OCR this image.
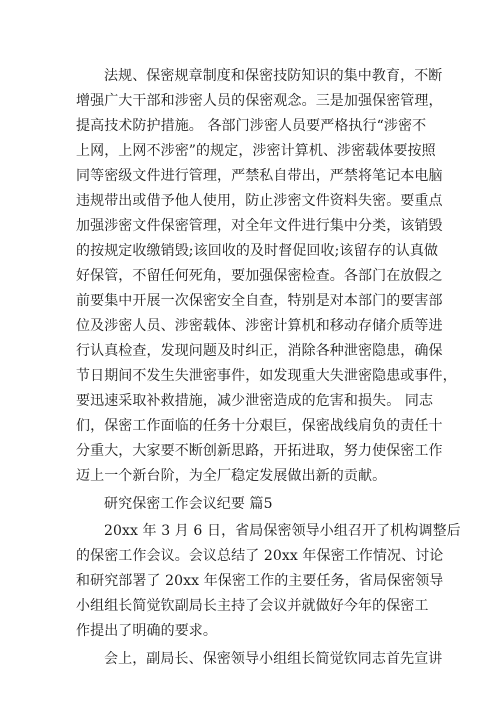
法规、保密规章制度和保密技防知识的集中教育，不断
增强广大干部和涉密人员的保密观念。三是加强保密管理，
提高技术防护措施。 各部门涉密人员要严格执行“涉密不
上网，上网不涉密”的规定，涉密计算机、涉密载体要按照
同等密级文件进行管理，严禁私自带出，严禁将笔记本电脑
违规带出或借予他人使用，防止涉密文件资料失密。要重点
加强涉密文件保密管理，对全年文件进行集中分类，该销毁
的按规定收缴销毁;该回收的及时督促回收;该留存的认真做
好保管，不留任何死角，要加强保密检查。各部门在放假之
前要集中开展一次保密安全自查，特别是对本部门的要害部
位及涉密人员、涉密载体、涉密计算机和移动存储介质等进
行认真检查，发现问题及时纠正，消除各种泄密隐患，确保
节日期间不发生失泄密事件，如发现重大失泄密隐患或事件，
要迅速采取补救措施，减少泄密造成的危害和损失。 同志
们，保密工作面临的任务十分艰巨，保密战线肩负的责任十
分重大，大家要不断创新思路，开拓进取，努力使保密工作
迈上一个新台阶，为全厂稳定发展做出新的贡献。
研究保密工作会议纪要 篇5
20xx 年 3 月 6 日，省局保密领导小组召开了机构调整后
的保密工作会议。会议总结了 20xx 年保密工作情况、讨论
和研究部署了 20xx 年保密工作的主要任务，省局保密领导
小组组长简觉钦副局长主持了会议并就做好今年的保密工
作提出了明确的要求。
会上，副局长、保密领导小组组长简觉钦同志首先宣讲
